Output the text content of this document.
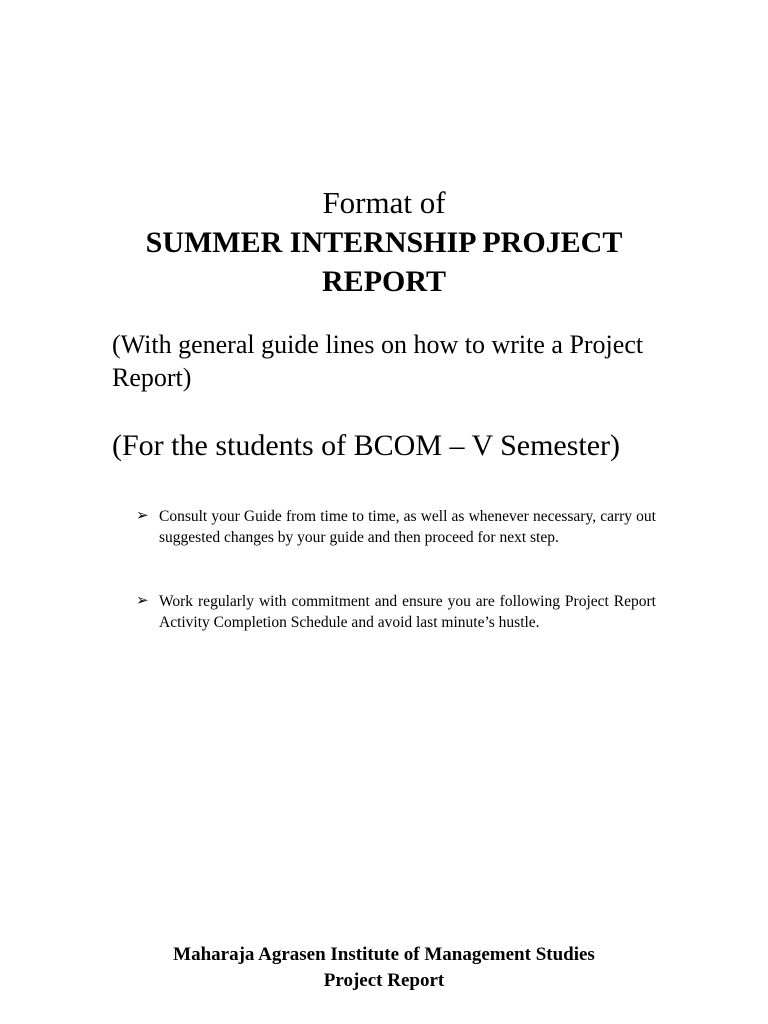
Format of
SUMMER INTERNSHIP PROJECT
REPORT
(With general guide lines on how to write a Project Report)
(For the students of BCOM – V Semester)
➢ Consult your Guide from time to time, as well as whenever necessary, carry out suggested changes by your guide and then proceed for next step.
➢ Work regularly with commitment and ensure you are following Project Report Activity Completion Schedule and avoid last minute’s hustle.
Maharaja Agrasen Institute of Management Studies
Project Report
